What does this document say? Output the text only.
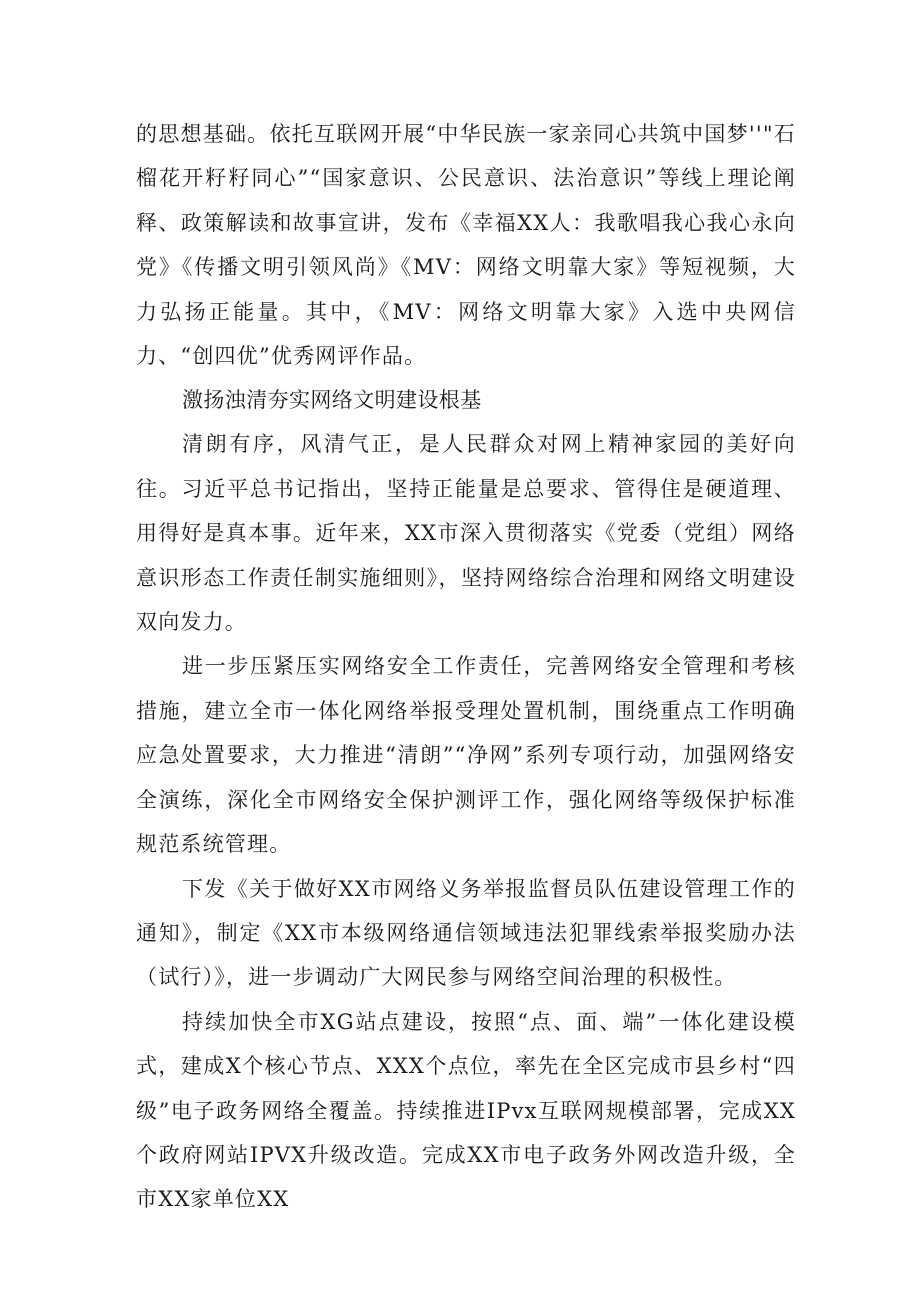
的思想基础。依托互联网开展“中华民族一家亲同心共筑中国梦''"石榴花开籽籽同心”“国家意识、公民意识、法治意识”等线上理论阐释、政策解读和故事宣讲，发布《幸福XX人：我歌唱我心我心永向党》《传播文明引领风尚》《MV：网络文明靠大家》等短视频，大力弘扬正能量。其中，《MV：网络文明靠大家》入选中央网信力、“创四优”优秀网评作品。

激扬浊清夯实网络文明建设根基

清朗有序，风清气正，是人民群众对网上精神家园的美好向往。习近平总书记指出，坚持正能量是总要求、管得住是硬道理、用得好是真本事。近年来，XX市深入贯彻落实《党委（党组）网络意识形态工作责任制实施细则》，坚持网络综合治理和网络文明建设双向发力。

进一步压紧压实网络安全工作责任，完善网络安全管理和考核措施，建立全市一体化网络举报受理处置机制，围绕重点工作明确应急处置要求，大力推进“清朗”“净网”系列专项行动，加强网络安全演练，深化全市网络安全保护测评工作，强化网络等级保护标准规范系统管理。

下发《关于做好XX市网络义务举报监督员队伍建设管理工作的通知》，制定《XX市本级网络通信领域违法犯罪线索举报奖励办法（试行）》，进一步调动广大网民参与网络空间治理的积极性。

持续加快全市XG站点建设，按照“点、面、端”一体化建设模式，建成X个核心节点、XXX个点位，率先在全区完成市县乡村“四级”电子政务网络全覆盖。持续推进IPvx互联网规模部署，完成XX个政府网站IPVX升级改造。完成XX市电子政务外网改造升级，全市XX家单位XX
